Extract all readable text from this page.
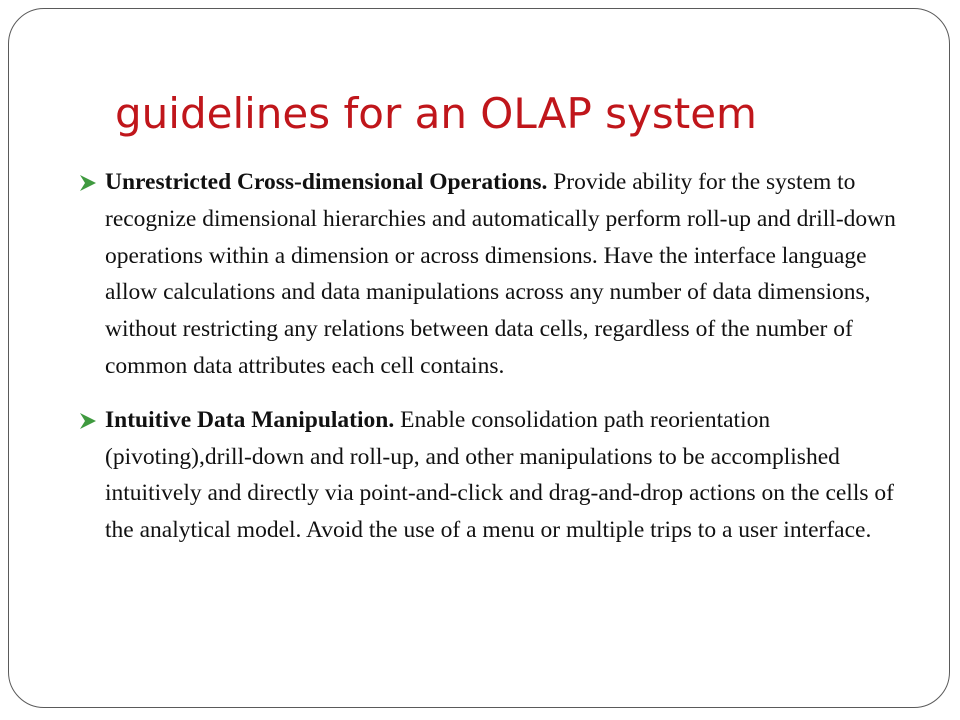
guidelines for an OLAP system
Unrestricted Cross-dimensional Operations. Provide ability for the system to recognize dimensional hierarchies and automatically perform roll-up and drill-down operations within a dimension or across dimensions. Have the interface language allow calculations and data manipulations across any number of data dimensions, without restricting any relations between data cells, regardless of the number of common data attributes each cell contains.
Intuitive Data Manipulation. Enable consolidation path reorientation (pivoting),drill-down and roll-up, and other manipulations to be accomplished intuitively and directly via point-and-click and drag-and-drop actions on the cells of the analytical model. Avoid the use of a menu or multiple trips to a user interface.
